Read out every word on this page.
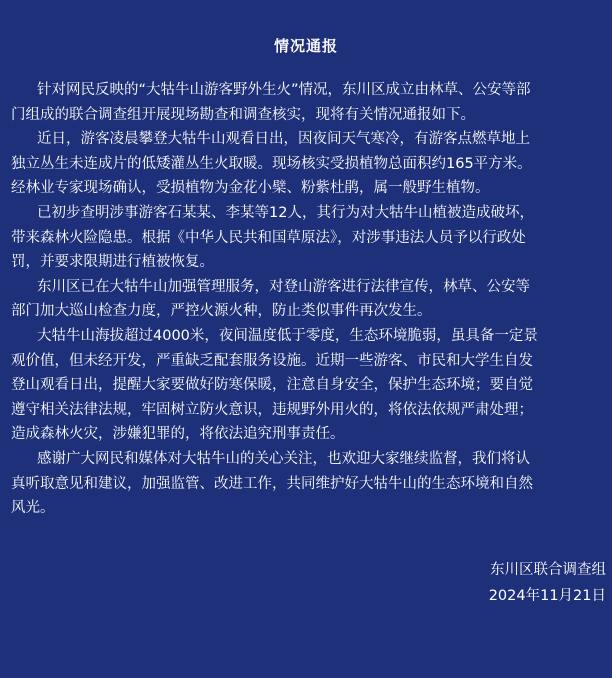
情况通报

针对网民反映的“大牯牛山游客野外生火”情况，东川区成立由林草、公安等部
门组成的联合调查组开展现场勘查和调查核实，现将有关情况通报如下。

近日，游客凌晨攀登大牯牛山观看日出，因夜间天气寒冷，有游客点燃草地上
独立丛生未连成片的低矮灌丛生火取暖。现场核实受损植物总面积约165平方米。
经林业专家现场确认，受损植物为金花小檗、粉紫杜鹃，属一般野生植物。

已初步查明涉事游客石某某、李某等12人，其行为对大牯牛山植被造成破坏，
带来森林火险隐患。根据《中华人民共和国草原法》，对涉事违法人员予以行政处
罚，并要求限期进行植被恢复。

东川区已在大牯牛山加强管理服务，对登山游客进行法律宣传，林草、公安等
部门加大巡山检查力度，严控火源火种，防止类似事件再次发生。

大牯牛山海拔超过4000米，夜间温度低于零度，生态环境脆弱，虽具备一定景
观价值，但未经开发，严重缺乏配套服务设施。近期一些游客、市民和大学生自发
登山观看日出，提醒大家要做好防寒保暖，注意自身安全，保护生态环境；要自觉
遵守相关法律法规，牢固树立防火意识，违规野外用火的，将依法依规严肃处理；
造成森林火灾，涉嫌犯罪的，将依法追究刑事责任。

感谢广大网民和媒体对大牯牛山的关心关注，也欢迎大家继续监督，我们将认
真听取意见和建议，加强监管、改进工作，共同维护好大牯牛山的生态环境和自然
风光。

东川区联合调查组
2024年11月21日
